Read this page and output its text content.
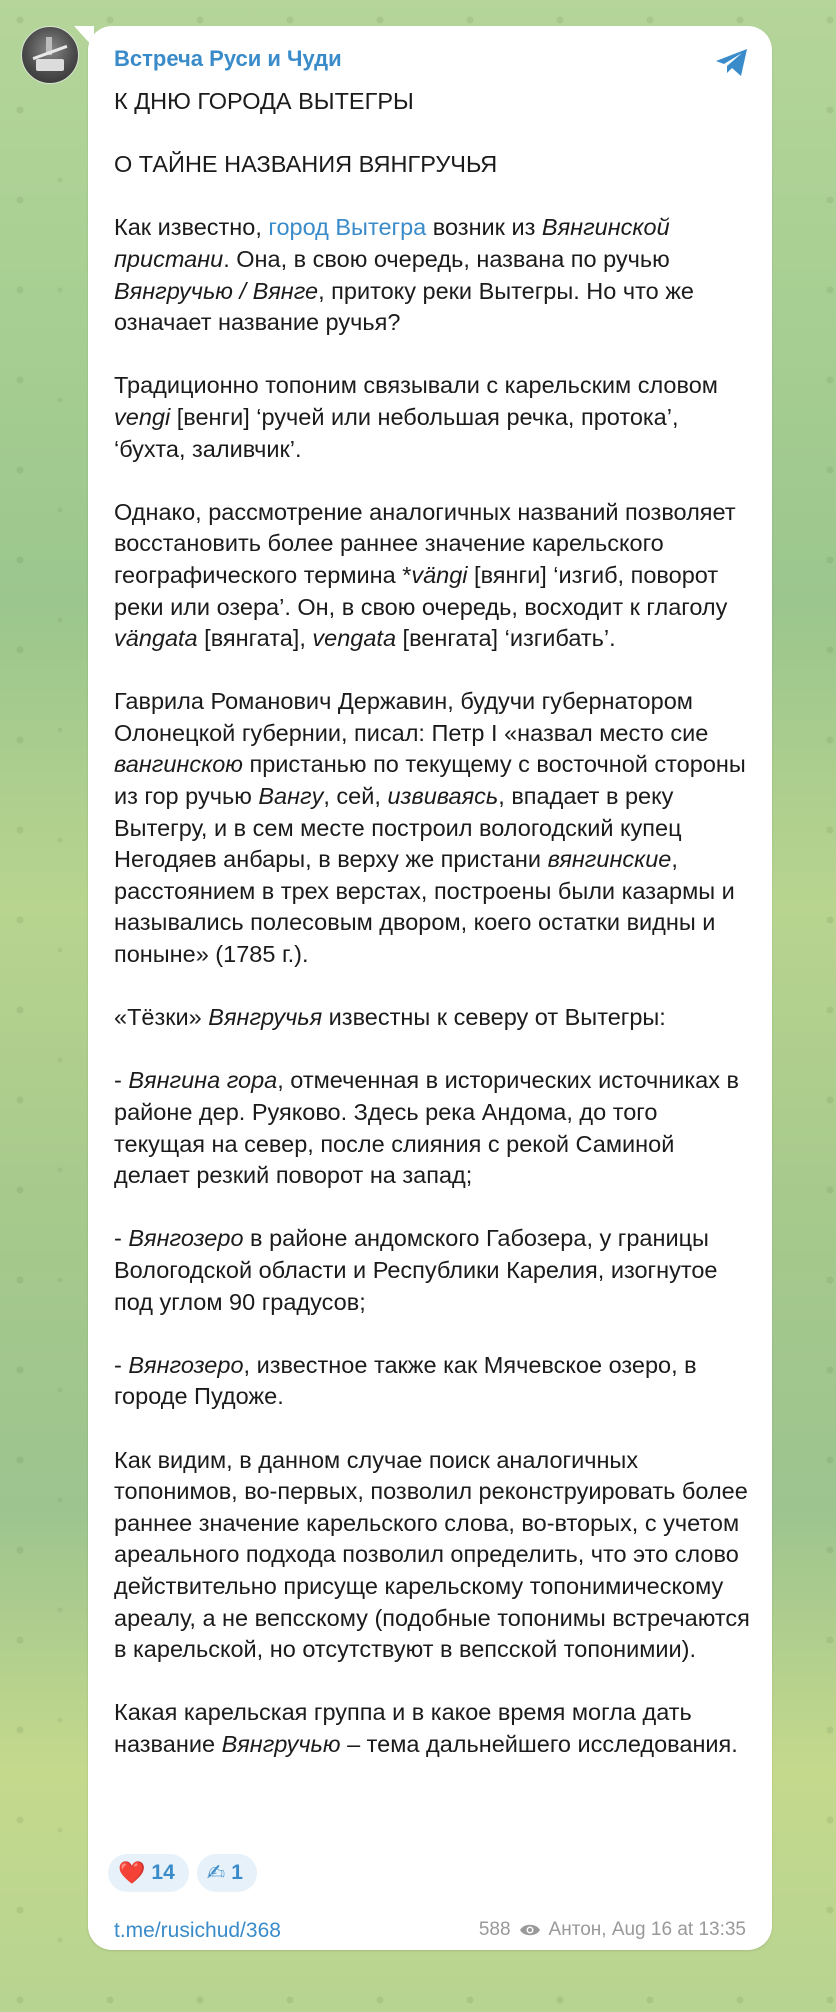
Встреча Руси и Чуди

К ДНЮ ГОРОДА ВЫТЕГРЫ

О ТАЙНЕ НАЗВАНИЯ ВЯНГРУЧЬЯ

Как известно, город Вытегра возник из Вянгинской пристани. Она, в свою очередь, названа по ручью Вянгручью / Вянге, притоку реки Вытегры. Но что же означает название ручья?

Традиционно топоним связывали с карельским словом vengi [венги] ‘ручей или небольшая речка, протока’, ‘бухта, заливчик’.

Однако, рассмотрение аналогичных названий позволяет восстановить более раннее значение карельского географического термина *vängi [вянги] ‘изгиб, поворот реки или озера’. Он, в свою очередь, восходит к глаголу vängata [вянгата], vengata [венгата] ‘изгибать’.

Гаврила Романович Державин, будучи губернатором Олонецкой губернии, писал: Петр I «назвал место сие вангинскою пристанью по текущему с восточной стороны из гор ручью Вангу, сей, извиваясь, впадает в реку Вытегру, и в сем месте построил вологодский купец Негодяев анбары, в верху же пристани вянгинские, расстоянием в трех верстах, построены были казармы и назывались полесовым двором, коего остатки видны и поныне» (1785 г.).

«Тёзки» Вянгручья известны к северу от Вытегры:

- Вянгина гора, отмеченная в исторических источниках в районе дер. Руяково. Здесь река Андома, до того текущая на север, после слияния с рекой Саминой делает резкий поворот на запад;

- Вянгозеро в районе андомского Габозера, у границы Вологодской области и Республики Карелия, изогнутое под углом 90 градусов;

- Вянгозеро, известное также как Мячевское озеро, в городе Пудоже.

Как видим, в данном случае поиск аналогичных топонимов, во-первых, позволил реконструировать более раннее значение карельского слова, во-вторых, с учетом ареального подхода позволил определить, что это слово действительно присуще карельскому топонимическому ареалу, а не вепсскому (подобные топонимы встречаются в карельской, но отсутствуют в вепсской топонимии).

Какая карельская группа и в какое время могла дать название Вянгручью – тема дальнейшего исследования.

❤️ 14 ✍ 1
t.me/rusichud/368	588 Антон, Aug 16 at 13:35
